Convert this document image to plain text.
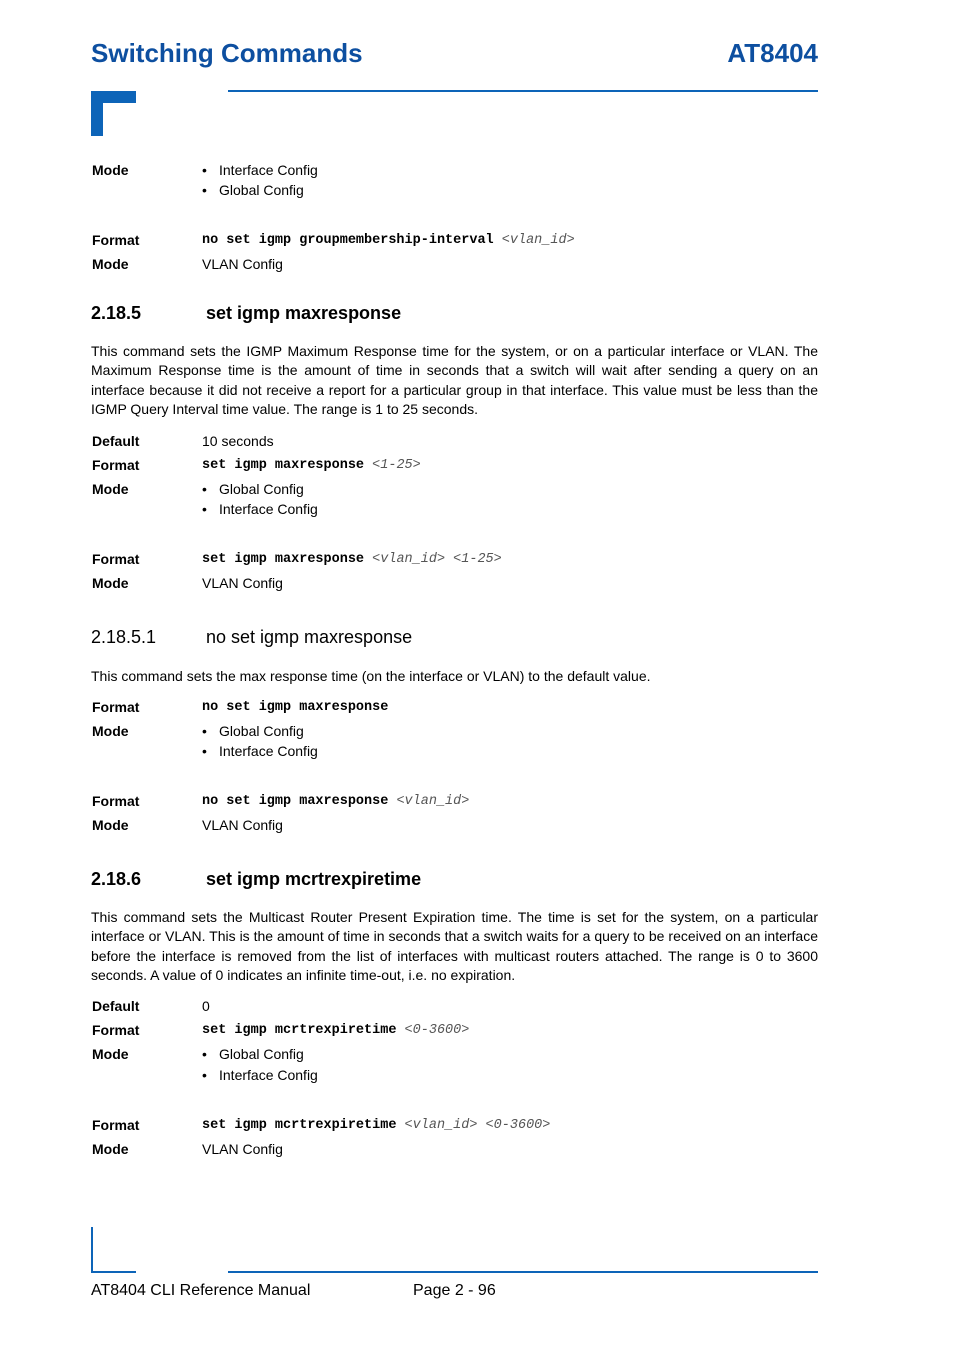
Switching Commands	AT8404
Mode	• Interface Config
• Global Config
Format	no set igmp groupmembership-interval <vlan_id>
Mode	VLAN Config
2.18.5	set igmp maxresponse
This command sets the IGMP Maximum Response time for the system, or on a particular interface or VLAN. The Maximum Response time is the amount of time in seconds that a switch will wait after sending a query on an interface because it did not receive a report for a particular group in that interface. This value must be less than the IGMP Query Interval time value. The range is 1 to 25 seconds.
Default	10 seconds
Format	set igmp maxresponse <1-25>
Mode	• Global Config
• Interface Config
Format	set igmp maxresponse <vlan_id> <1-25>
Mode	VLAN Config
2.18.5.1	no set igmp maxresponse
This command sets the max response time (on the interface or VLAN) to the default value.
Format	no set igmp maxresponse
Mode	• Global Config
• Interface Config
Format	no set igmp maxresponse <vlan_id>
Mode	VLAN Config
2.18.6	set igmp mcrtrexpiretime
This command sets the Multicast Router Present Expiration time. The time is set for the system, on a particular interface or VLAN. This is the amount of time in seconds that a switch waits for a query to be received on an interface before the interface is removed from the list of interfaces with multicast routers attached. The range is 0 to 3600 seconds. A value of 0 indicates an infinite time-out, i.e. no expiration.
Default	0
Format	set igmp mcrtrexpiretime <0-3600>
Mode	• Global Config
• Interface Config
Format	set igmp mcrtrexpiretime <vlan_id> <0-3600>
Mode	VLAN Config
AT8404 CLI Reference Manual	Page 2 - 96
